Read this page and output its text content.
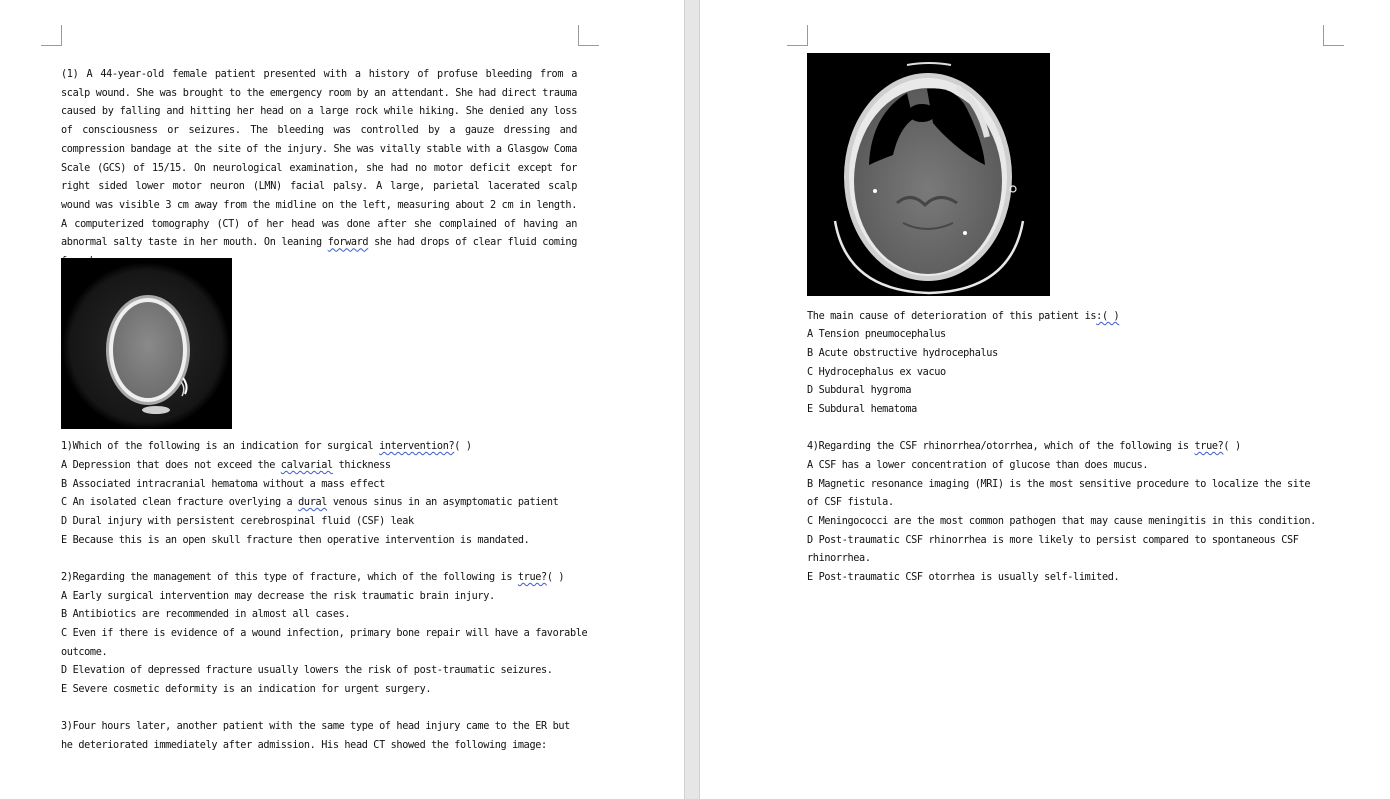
(1) A 44-year-old female patient presented with a history of profuse bleeding from a scalp wound. She was brought to the emergency room by an attendant. She had direct trauma caused by falling and hitting her head on a large rock while hiking. She denied any loss of consciousness or seizures. The bleeding was controlled by a gauze dressing and compression bandage at the site of the injury. She was vitally stable with a Glasgow Coma Scale (GCS) of 15/15. On neurological examination, she had no motor deficit except for right sided lower motor neuron (LMN) facial palsy. A large, parietal lacerated scalp wound was visible 3 cm away from the midline on the left, measuring about 2 cm in length. A computerized tomography (CT) of her head was done after she complained of having an abnormal salty taste in her mouth. On leaning forward she had drops of clear fluid coming
1)Which of the following is an indication for surgical intervention?( )
A Depression that does not exceed the calvarial thickness
B Associated intracranial hematoma without a mass effect
C An isolated clean fracture overlying a dural venous sinus in an asymptomatic patient
D Dural injury with persistent cerebrospinal fluid (CSF) leak
E Because this is an open skull fracture then operative intervention is mandated.
2)Regarding the management of this type of fracture, which of the following is true?( )
A Early surgical intervention may decrease the risk traumatic brain injury.
B Antibiotics are recommended in almost all cases.
C Even if there is evidence of a wound infection, primary bone repair will have a favorable
outcome.
D Elevation of depressed fracture usually lowers the risk of post-traumatic seizures.
E Severe cosmetic deformity is an indication for urgent surgery.
3)Four hours later, another patient with the same type of head injury came to the ER but
he deteriorated immediately after admission. His head CT showed the following image:
The main cause of deterioration of this patient is:( )
A Tension pneumocephalus
B Acute obstructive hydrocephalus
C Hydrocephalus ex vacuo
D Subdural hygroma
E Subdural hematoma
4)Regarding the CSF rhinorrhea/otorrhea, which of the following is true?( )
A CSF has a lower concentration of glucose than does mucus.
B Magnetic resonance imaging (MRI) is the most sensitive procedure to localize the site
of CSF fistula.
C Meningococci are the most common pathogen that may cause meningitis in this condition.
D Post-traumatic CSF rhinorrhea is more likely to persist compared to spontaneous CSF
rhinorrhea.
E Post-traumatic CSF otorrhea is usually self-limited.
